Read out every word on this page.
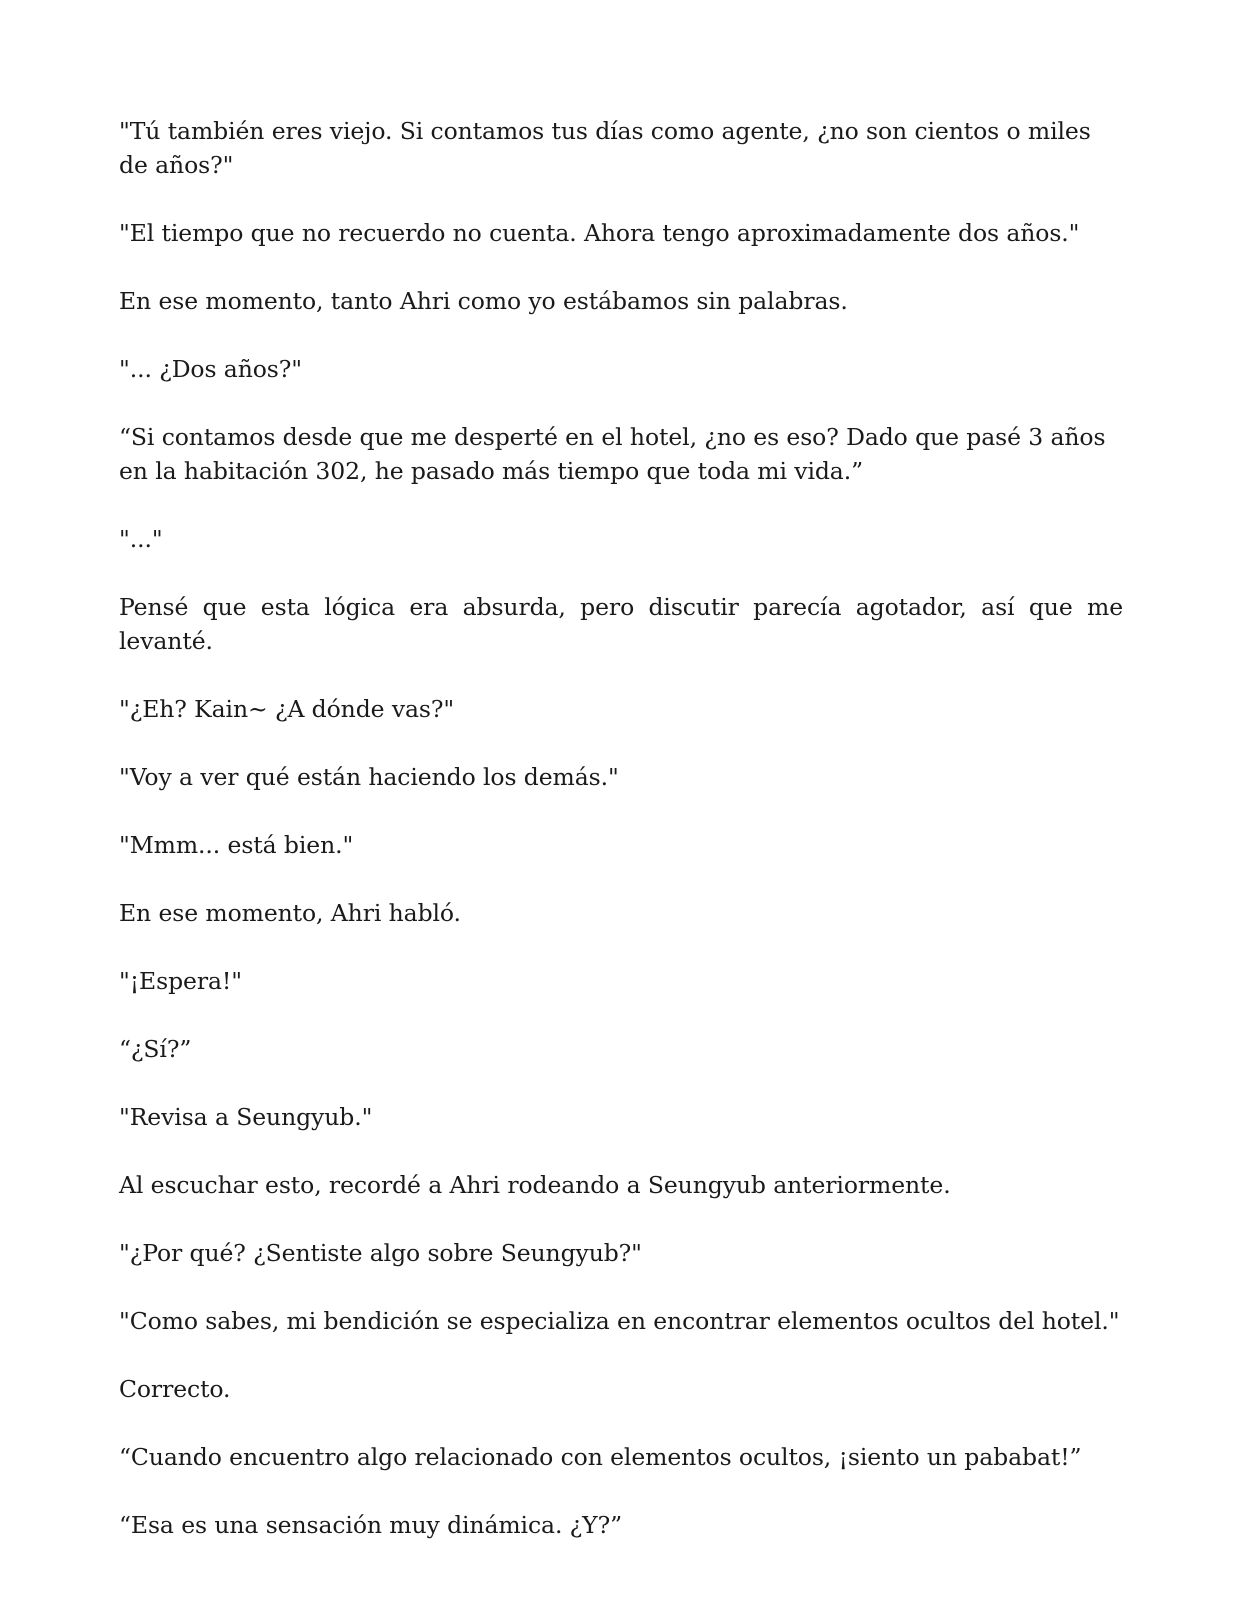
"Tú también eres viejo. Si contamos tus días como agente, ¿no son cientos o miles de años?"

"El tiempo que no recuerdo no cuenta. Ahora tengo aproximadamente dos años."

En ese momento, tanto Ahri como yo estábamos sin palabras.

"... ¿Dos años?"

“Si contamos desde que me desperté en el hotel, ¿no es eso? Dado que pasé 3 años en la habitación 302, he pasado más tiempo que toda mi vida.”

"..."

Pensé que esta lógica era absurda, pero discutir parecía agotador, así que me levanté.

"¿Eh? Kain~ ¿A dónde vas?"

"Voy a ver qué están haciendo los demás."

"Mmm... está bien."

En ese momento, Ahri habló.

"¡Espera!"

“¿Sí?”

"Revisa a Seungyub."

Al escuchar esto, recordé a Ahri rodeando a Seungyub anteriormente.

"¿Por qué? ¿Sentiste algo sobre Seungyub?"

"Como sabes, mi bendición se especializa en encontrar elementos ocultos del hotel."

Correcto.

“Cuando encuentro algo relacionado con elementos ocultos, ¡siento un pababat!”

“Esa es una sensación muy dinámica. ¿Y?”
